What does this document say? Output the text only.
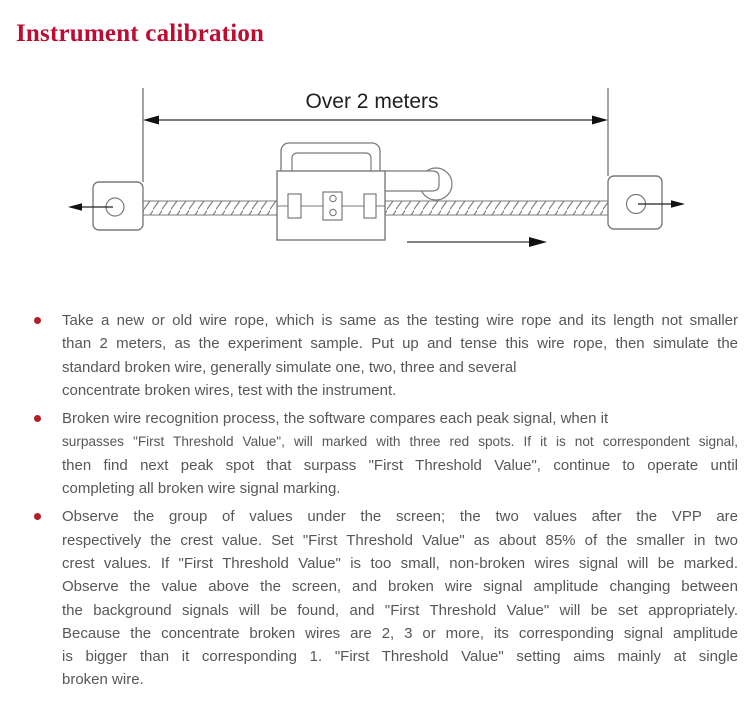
Instrument calibration
Over 2 meters
Take a new or old wire rope, which is same as the testing wire rope and its length not smaller
than 2 meters, as the experiment sample. Put up and tense this wire rope, then simulate the
standard broken wire, generally simulate one, two, three and several
concentrate broken wires, test with the instrument.
Broken wire recognition process, the software compares each peak signal, when it
surpasses "First Threshold Value", will marked with three red spots. If it is not correspondent signal,
then find next peak spot that surpass "First Threshold Value", continue to operate until
completing all broken wire signal marking.
Observe the group of values under the screen; the two values after the VPP are
respectively the crest value. Set "First Threshold Value" as about 85% of the smaller in two
crest values. If "First Threshold Value" is too small, non-broken wires signal will be marked.
Observe the value above the screen, and broken wire signal amplitude changing between
the background signals will be found, and "First Threshold Value" will be set appropriately.
Because the concentrate broken wires are 2, 3 or more, its corresponding signal amplitude
is bigger than it corresponding 1. "First Threshold Value" setting aims mainly at single
broken wire.
